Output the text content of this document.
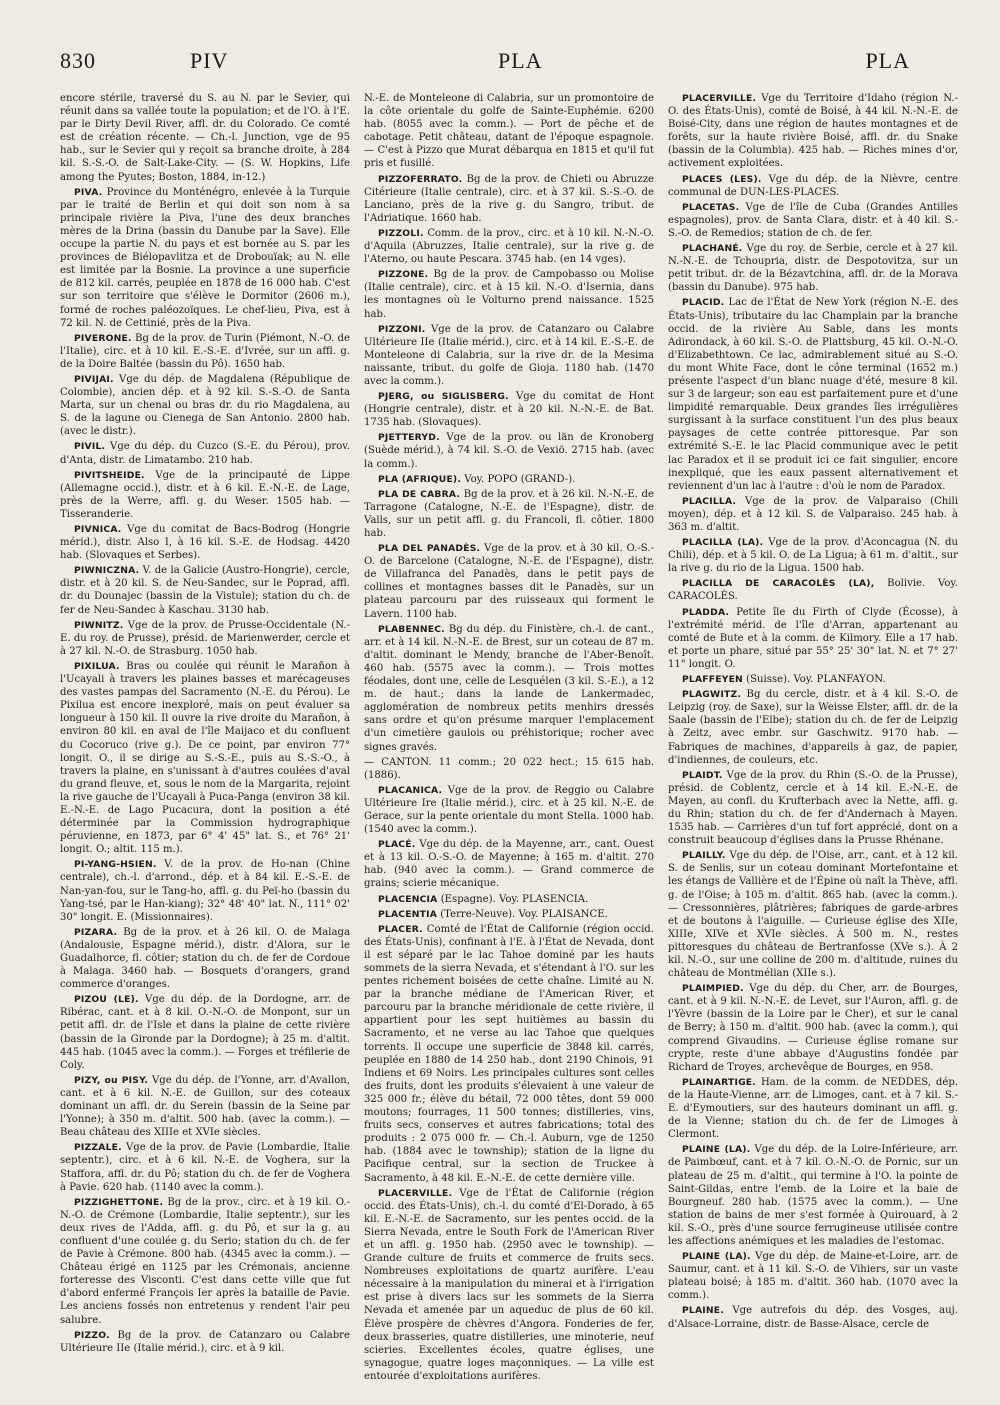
830	PIV	PLA	PLA

encore stérile, traversé du S. au N. par le Sevier, qui réunit dans sa vallée toute la population; et de l'O. à l'E. par le Dirty Devil River, affl. dr. du Colorado. Ce comté est de création récente. — Ch.-l. Junction, vge de 95 hab., sur le Sevier qui y reçoit sa branche droite, à 284 kil. S.-S.-O. de Salt-Lake-City. — (S. W. Hopkins, Life among the Pyutes; Boston, 1884, in-12.)

PIVA. Province du Monténégro, enlevée à la Turquie par le traité de Berlin et qui doit son nom à sa principale rivière la Piva, l'une des deux branches mères de la Drina (bassin du Danube par la Save). Elle occupe la partie N. du pays et est bornée au S. par les provinces de Biélopavlitza et de Drobouïak; au N. elle est limitée par la Bosnie. La province a une superficie de 812 kil. carrés, peuplée en 1878 de 16 000 hab. C'est sur son territoire que s'élève le Dormitor (2606 m.), formé de roches paléozoïques. Le chef-lieu, Piva, est à 72 kil. N. de Cettinié, près de la Piva.

PIVERONE. Bg de la prov. de Turin (Piémont, N.-O. de l'Italie), circ. et à 10 kil. E.-S.-E. d'Ivrée, sur un affl. g. de la Doire Baltée (bassin du Pô). 1650 hab.

PIVIJAI. Vge du dép. de Magdalena (République de Colombie), ancien dép. et à 92 kil. S.-S.-O. de Santa Marta, sur un chenal ou bras dr. du rio Magdalena, au S. de la lagune ou Cienega de San Antonio. 2800 hab. (avec le distr.).

PIVIL. Vge du dép. du Cuzco (S.-E. du Pérou), prov. d'Anta, distr. de Limatambo. 210 hab.

PIVITSHEIDE. Vge de la principauté de Lippe (Allemagne occid.), distr. et à 6 kil. E.-N.-E. de Lage, près de la Werre, affl. g. du Weser. 1505 hab. — Tisseranderie.

PIVNICA. Vge du comitat de Bacs-Bodrog (Hongrie mérid.), distr. Also I, à 16 kil. S.-E. de Hodsag. 4420 hab. (Slovaques et Serbes).

PIWNICZNA. V. de la Galicie (Austro-Hongrie), cercle, distr. et à 20 kil. S. de Neu-Sandec, sur le Poprad, affl. dr. du Dounajec (bassin de la Vistule); station du ch. de fer de Neu-Sandec à Kaschau. 3130 hab.

PIWNITZ. Vge de la prov. de Prusse-Occidentale (N.-E. du roy. de Prusse), présid. de Marienwerder, cercle et à 27 kil. N.-O. de Strasburg. 1050 hab.

PIXILUA. Bras ou coulée qui réunit le Marañon à l'Ucayali à travers les plaines basses et marécageuses des vastes pampas del Sacramento (N.-E. du Pérou). Le Pixilua est encore inexploré, mais on peut évaluer sa longueur à 150 kil. Il ouvre la rive droite du Marañon, à environ 80 kil. en aval de l'île Maijaco et du confluent du Cocoruco (rive g.). De ce point, par environ 77° longit. O., il se dirige au S.-S.-E., puis au S.-S.-O., à travers la plaine, en s'unissant à d'autres coulées d'aval du grand fleuve, et, sous le nom de la Margarita, rejoint la rive gauche de l'Ucayali à Puca-Panga (environ 38 kil. E.-N.-E. de Lago Pucacura, dont la position a été déterminée par la Commission hydrographique péruvienne, en 1873, par 6° 4' 45" lat. S., et 76° 21' longit. O.; altit. 115 m.).

PI-YANG-HSIEN. V. de la prov. de Ho-nan (Chine centrale), ch.-l. d'arrond., dép. et à 84 kil. E.-S.-E. de Nan-yan-fou, sur le Tang-ho, affl. g. du Peï-ho (bassin du Yang-tsé, par le Han-kiang); 32° 48' 40" lat. N., 111° 02' 30" longit. E. (Missionnaires).

PIZARA. Bg de la prov. et à 26 kil. O. de Malaga (Andalousie, Espagne mérid.), distr. d'Alora, sur le Guadalhorce, fl. côtier; station du ch. de fer de Cordoue à Malaga. 3460 hab. — Bosquets d'orangers, grand commerce d'oranges.

PIZOU (LE). Vge du dép. de la Dordogne, arr. de Ribérac, cant. et à 8 kil. O.-N.-O. de Monpont, sur un petit affl. dr. de l'Isle et dans la plaine de cette rivière (bassin de la Gironde par la Dordogne); à 25 m. d'altit. 445 hab. (1045 avec la comm.). — Forges et tréfilerie de Coly.

PIZY, ou PISY. Vge du dép. de l'Yonne, arr. d'Avallon, cant. et à 6 kil. N.-E. de Guillon, sur des coteaux dominant un affl. dr. du Serein (bassin de la Seine par l'Yonne); à 350 m. d'altit. 500 hab. (avec la comm.). — Beau château des XIIIe et XVIe siècles.

PIZZALE. Vge de la prov. de Pavie (Lombardie, Italie septentr.), circ. et à 6 kil. N.-E. de Voghera, sur la Staffora, affl. dr. du Pô; station du ch. de fer de Voghera à Pavie. 620 hab. (1140 avec la comm.).

PIZZIGHETTONE. Bg de la prov., circ. et à 19 kil. O.-N.-O. de Crémone (Lombardie, Italie septentr.), sur les deux rives de l'Adda, affl. g. du Pô, et sur la g. au confluent d'une coulée g. du Serio; station du ch. de fer de Pavie à Crémone. 800 hab. (4345 avec la comm.). — Château érigé en 1125 par les Crémonais, ancienne forteresse des Visconti. C'est dans cette ville que fut d'abord enfermé François Ier après la bataille de Pavie. Les anciens fossés non entretenus y rendent l'air peu salubre.

PIZZO. Bg de la prov. de Catanzaro ou Calabre Ultérieure IIe (Italie mérid.), circ. et à 9 kil.

N.-E. de Monteleone di Calabria, sur un promontoire de la côte orientale du golfe de Sainte-Euphémie. 6200 hab. (8055 avec la comm.). — Port de pêche et de cabotage. Petit château, datant de l'époque espagnole. — C'est à Pizzo que Murat débarqua en 1815 et qu'il fut pris et fusillé.

PIZZOFERRATO. Bg de la prov. de Chieti ou Abruzze Citérieure (Italie centrale), circ. et à 37 kil. S.-S.-O. de Lanciano, près de la rive g. du Sangro, tribut. de l'Adriatique. 1660 hab.

PIZZOLI. Comm. de la prov., circ. et à 10 kil. N.-N.-O. d'Aquila (Abruzzes, Italie centrale), sur la rive g. de l'Aterno, ou haute Pescara. 3745 hab. (en 14 vges).

PIZZONE. Bg de la prov. de Campobasso ou Molise (Italie centrale), circ. et à 15 kil. N.-O. d'Isernia, dans les montagnes où le Volturno prend naissance. 1525 hab.

PIZZONI. Vge de la prov. de Catanzaro ou Calabre Ultérieure IIe (Italie mérid.), circ. et à 14 kil. E.-S.-E. de Monteleone di Calabria, sur la rive dr. de la Mesima naissante, tribut. du golfe de Gioja. 1180 hab. (1470 avec la comm.).

PJERG, ou SIGLISBERG. Vge du comitat de Hont (Hongrie centrale), distr. et à 20 kil. N.-N.-E. de Bat. 1735 hab. (Slovaques).

PJETTERYD. Vge de la prov. ou län de Kronoberg (Suède mérid.), à 74 kil. S.-O. de Vexiö. 2715 hab. (avec la comm.).

PLA (AFRIQUE). Voy. POPO (GRAND-).

PLA DE CABRA. Bg de la prov. et à 26 kil. N.-N.-E. de Tarragone (Catalogne, N.-E. de l'Espagne), distr. de Valls, sur un petit affl. g. du Francoli, fl. côtier. 1800 hab.

PLA DEL PANADÈS. Vge de la prov. et à 30 kil. O.-S.-O. de Barcelone (Catalogne, N.-E. de l'Espagne), distr. de Villafranca del Panadès, dans le petit pays de collines et montagnes basses dit le Panadès, sur un plateau parcouru par des ruisseaux qui forment le Lavern. 1100 hab.

PLABENNEC. Bg du dép. du Finistère, ch.-l. de cant., arr. et à 14 kil. N.-N.-E. de Brest, sur un coteau de 87 m. d'altit. dominant le Mendy, branche de l'Aber-Benoît. 460 hab. (5575 avec la comm.). — Trois mottes féodales, dont une, celle de Lesquélen (3 kil. S.-E.), a 12 m. de haut.; dans la lande de Lankermadec, agglomération de nombreux petits menhirs dressés sans ordre et qu'on présume marquer l'emplacement d'un cimetière gaulois ou préhistorique; rocher avec signes gravés.

— CANTON. 11 comm.; 20 022 hect.; 15 615 hab. (1886).

PLACANICA. Vge de la prov. de Reggio ou Calabre Ultérieure Ire (Italie mérid.), circ. et à 25 kil. N.-E. de Gerace, sur la pente orientale du mont Stella. 1000 hab. (1540 avec la comm.).

PLACÉ. Vge du dép. de la Mayenne, arr., cant. Ouest et à 13 kil. O.-S.-O. de Mayenne; à 165 m. d'altit. 270 hab. (940 avec la comm.). — Grand commerce de grains; scierie mécanique.

PLACENCIA (Espagne). Voy. PLASENCIA.

PLACENTIA (Terre-Neuve). Voy. PLAISANCE.

PLACER. Comté de l'État de Californie (région occid. des États-Unis), confinant à l'E. à l'État de Nevada, dont il est séparé par le lac Tahoe dominé par les hauts sommets de la sierra Nevada, et s'étendant à l'O. sur les pentes richement boisées de cette chaîne. Limité au N. par la branche médiane de l'American River, et parcouru par la branche méridionale de cette rivière, il appartient pour les sept huitièmes au bassin du Sacramento, et ne verse au lac Tahoe que quelques torrents. Il occupe une superficie de 3848 kil. carrés, peuplée en 1880 de 14 250 hab., dont 2190 Chinois, 91 Indiens et 69 Noirs. Les principales cultures sont celles des fruits, dont les produits s'élevaient à une valeur de 325 000 fr.; élève du bétail, 72 000 têtes, dont 59 000 moutons; fourrages, 11 500 tonnes; distilleries, vins, fruits secs, conserves et autres fabrications; total des produits : 2 075 000 fr. — Ch.-l. Auburn, vge de 1250 hab. (1884 avec le township); station de la ligne du Pacifique central, sur la section de Truckee à Sacramento, à 48 kil. E.-N.-E. de cette dernière ville.

PLACERVILLE. Vge de l'État de Californie (région occid. des États-Unis), ch.-l. du comté d'El-Dorado, à 65 kil. E.-N.-E. de Sacramento, sur les pentes occid. de la Sierra Nevada, entre le South Fork de l'American River et un affl. g. 1950 hab. (2950 avec le township). — Grande culture de fruits et commerce de fruits secs. Nombreuses exploitations de quartz aurifère. L'eau nécessaire à la manipulation du minerai et à l'irrigation est prise à divers lacs sur les sommets de la Sierra Nevada et amenée par un aqueduc de plus de 60 kil. Élève prospère de chèvres d'Angora. Fonderies de fer, deux brasseries, quatre distilleries, une minoterie, neuf scieries. Excellentes écoles, quatre églises, une synagogue, quatre loges maçonniques. — La ville est entourée d'exploitations aurifères.

PLACERVILLE. Vge du Territoire d'Idaho (région N.-O. des États-Unis), comté de Boisé, à 44 kil. N.-N.-E. de Boisé-City, dans une région de hautes montagnes et de forêts, sur la haute rivière Boisé, affl. dr. du Snake (bassin de la Columbia). 425 hab. — Riches mines d'or, activement exploitées.

PLACES (LES). Vge du dép. de la Nièvre, centre communal de DUN-LES-PLACES.

PLACETAS. Vge de l'île de Cuba (Grandes Antilles espagnoles), prov. de Santa Clara, distr. et à 40 kil. S.-S.-O. de Remedios; station de ch. de fer.

PLACHANÉ. Vge du roy. de Serbie, cercle et à 27 kil. N.-N.-E. de Tchoupria, distr. de Despotovitza, sur un petit tribut. dr. de la Bézavtchina, affl. dr. de la Morava (bassin du Danube). 975 hab.

PLACID. Lac de l'État de New York (région N.-E. des États-Unis), tributaire du lac Champlain par la branche occid. de la rivière Au Sable, dans les monts Adirondack, à 60 kil. S.-O. de Plattsburg, 45 kil. O.-N.-O. d'Elizabethtown. Ce lac, admirablement situé au S.-O. du mont White Face, dont le cône terminal (1652 m.) présente l'aspect d'un blanc nuage d'été, mesure 8 kil. sur 3 de largeur; son eau est parfaitement pure et d'une limpidité remarquable. Deux grandes îles irrégulières surgissant à la surface constituent l'un des plus beaux paysages de cette contrée pittoresque. Par son extrémité S.-E. le lac Placid communique avec le petit lac Paradox et il se produit ici ce fait singulier, encore inexpliqué, que les eaux passent alternativement et reviennent d'un lac à l'autre : d'où le nom de Paradox.

PLACILLA. Vge de la prov. de Valparaiso (Chili moyen), dép. et à 12 kil. S. de Valparaiso. 245 hab. à 363 m. d'altit.

PLACILLA (LA). Vge de la prov. d'Aconcagua (N. du Chili), dép. et à 5 kil. O. de La Ligua; à 61 m. d'altit., sur la rive g. du rio de la Ligua. 1500 hab.

PLACILLA DE CARACOLÈS (LA), Bolivie. Voy. CARACOLÈS.

PLADDA. Petite île du Firth of Clyde (Écosse), à l'extrémité mérid. de l'île d'Arran, appartenant au comté de Bute et à la comm. de Kilmory. Elle a 17 hab. et porte un phare, situé par 55° 25' 30" lat. N. et 7° 27' 11" longit. O.

PLAFFEYEN (Suisse). Voy. PLANFAYON.

PLAGWITZ. Bg du cercle, distr. et à 4 kil. S.-O. de Leipzig (roy. de Saxe), sur la Weisse Elster, affl. dr. de la Saale (bassin de l'Elbe); station du ch. de fer de Leipzig à Zeitz, avec embr. sur Gaschwitz. 9170 hab. — Fabriques de machines, d'appareils à gaz, de papier, d'indiennes, de couleurs, etc.

PLAIDT. Vge de la prov. du Rhin (S.-O. de la Prusse), présid. de Coblentz, cercle et à 14 kil. E.-N.-E. de Mayen, au confl. du Krufterbach avec la Nette, affl. g. du Rhin; station du ch. de fer d'Andernach à Mayen. 1535 hab. — Carrières d'un tuf fort apprécié, dont on a construit beaucoup d'églises dans la Prusse Rhénane.

PLAILLY. Vge du dép. de l'Oise, arr., cant. et à 12 kil. S. de Senlis, sur un coteau dominant Mortefontaine et les étangs de Vallière et de l'Épine où naît la Thève, affl. g. de l'Oise; à 105 m. d'altit. 865 hab. (avec la comm.). — Cressonnières, plâtrières; fabriques de garde-arbres et de boutons à l'aiguille. — Curieuse église des XIIe, XIIIe, XIVe et XVIe siècles. À 500 m. N., restes pittoresques du château de Bertranfosse (XVe s.). À 2 kil. N.-O., sur une colline de 200 m. d'altitude, ruines du château de Montmélian (XIIe s.).

PLAIMPIED. Vge du dép. du Cher, arr. de Bourges, cant. et à 9 kil. N.-N.-E. de Levet, sur l'Auron, affl. g. de l'Yèvre (bassin de la Loire par le Cher), et sur le canal de Berry; à 150 m. d'altit. 900 hab. (avec la comm.), qui comprend Givaudins. — Curieuse église romane sur crypte, reste d'une abbaye d'Augustins fondée par Richard de Troyes, archevêque de Bourges, en 958.

PLAINARTIGE. Ham. de la comm. de NEDDES, dép. de la Haute-Vienne, arr. de Limoges, cant. et à 7 kil. S.-E. d'Eymoutiers, sur des hauteurs dominant un affl. g. de la Vienne; station du ch. de fer de Limoges à Clermont.

PLAINE (LA). Vge du dép. de la Loire-Inférieure, arr. de Paimbœuf, cant. et à 7 kil. O.-N.-O. de Pornic, sur un plateau de 25 m. d'altit., qui termine à l'O. la pointe de Saint-Gildas, entre l'emb. de la Loire et la baie de Bourgneuf. 280 hab. (1575 avec la comm.). — Une station de bains de mer s'est formée à Quirouard, à 2 kil. S.-O., près d'une source ferrugineuse utilisée contre les affections anémiques et les maladies de l'estomac.

PLAINE (LA). Vge du dép. de Maine-et-Loire, arr. de Saumur, cant. et à 11 kil. S.-O. de Vihiers, sur un vaste plateau boisé; à 185 m. d'altit. 360 hab. (1070 avec la comm.).

PLAINE. Vge autrefois du dép. des Vosges, auj. d'Alsace-Lorraine, distr. de Basse-Alsace, cercle de
